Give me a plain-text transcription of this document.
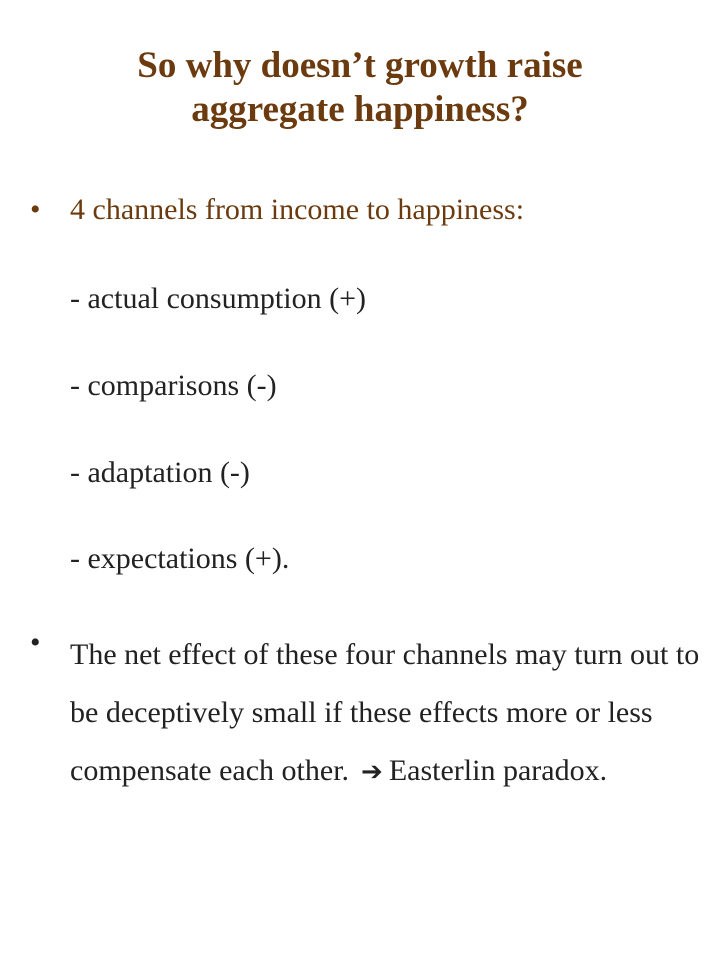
So why doesn’t growth raise
aggregate happiness?
• 4 channels from income to happiness:
- actual consumption (+)
- comparisons (-)
- adaptation (-)
- expectations (+).
• The net effect of these four channels may turn out to be deceptively small if these effects more or less compensate each other. ➔ Easterlin paradox.
